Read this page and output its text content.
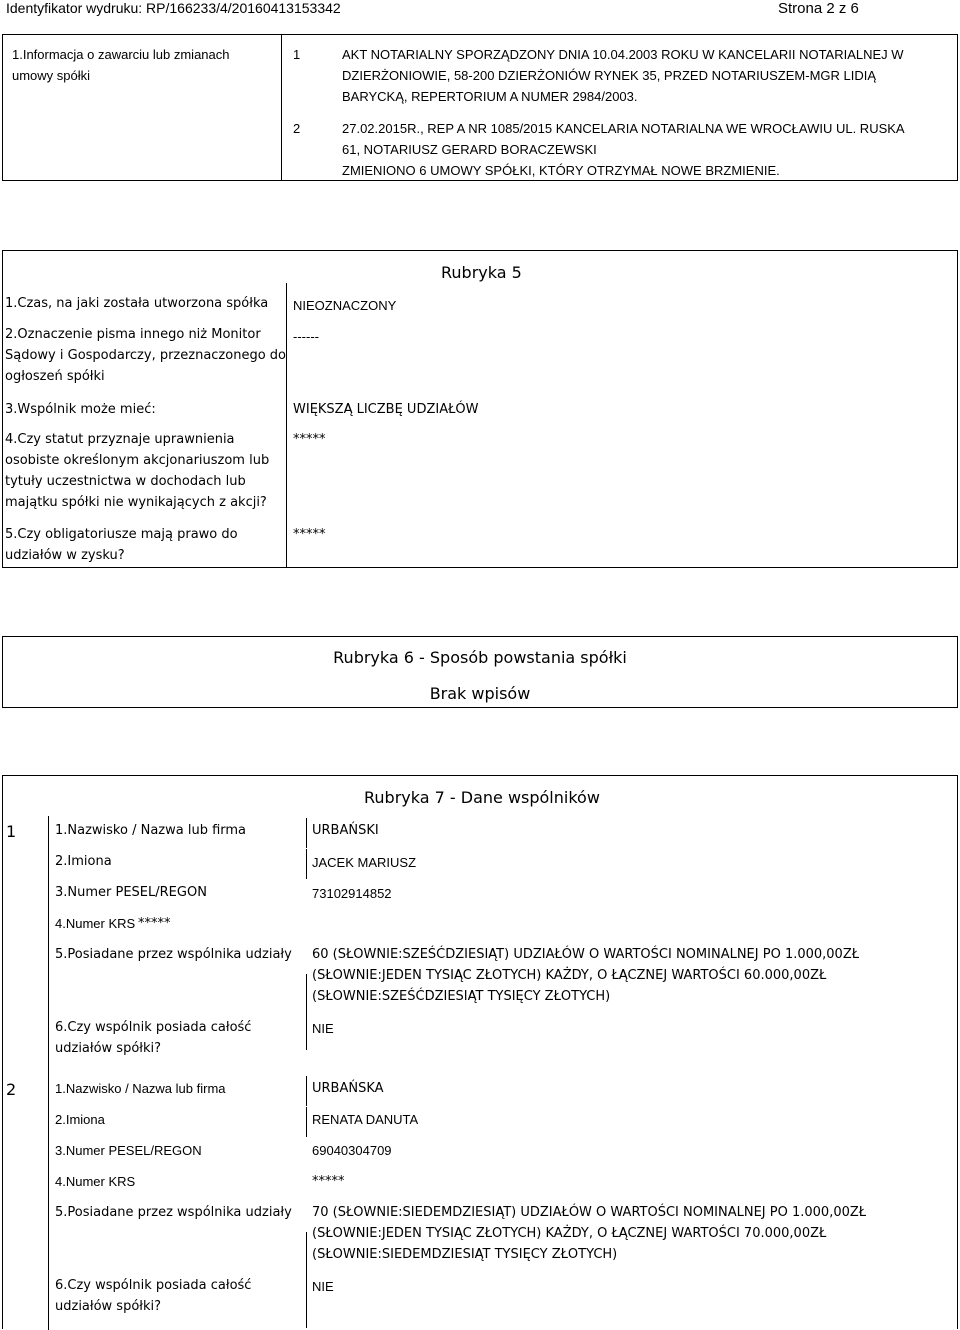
Identyfikator wydruku: RP/166233/4/20160413153342	Strona 2 z 6
1.Informacja o zawarciu lub zmianach
umowy spółki
1	AKT NOTARIALNY SPORZĄDZONY DNIA 10.04.2003 ROKU W KANCELARII NOTARIALNEJ W
DZIERŻONIOWIE, 58-200 DZIERŻONIÓW RYNEK 35, PRZED NOTARIUSZEM-MGR LIDIĄ
BARYCKĄ, REPERTORIUM A NUMER 2984/2003.
2	27.02.2015R., REP A NR 1085/2015 KANCELARIA NOTARIALNA WE WROCŁAWIU UL. RUSKA
61, NOTARIUSZ GERARD BORACZEWSKI
ZMIENIONO 6 UMOWY SPÓŁKI, KTÓRY OTRZYMAŁ NOWE BRZMIENIE.
Rubryka 5
1.Czas, na jaki została utworzona spółka NIEOZNACZONY
2.Oznaczenie pisma innego niż Monitor
Sądowy i Gospodarczy, przeznaczonego do
ogłoszeń spółki
------
3.Wspólnik może mieć:	WIĘKSZĄ LICZBĘ UDZIAŁÓW
4.Czy statut przyznaje uprawnienia
osobiste określonym akcjonariuszom lub
tytuły uczestnictwa w dochodach lub
majątku spółki nie wynikających z akcji?
*****
5.Czy obligatoriusze mają prawo do
udziałów w zysku?
*****
Rubryka 6 - Sposób powstania spółki
Brak wpisów
Rubryka 7 - Dane wspólników
1	1.Nazwisko / Nazwa lub firma	URBAŃSKI
2.Imiona	JACEK MARIUSZ
3.Numer PESEL/REGON	73102914852
4.Numer KRS *****
5.Posiadane przez wspólnika udziały 60 (SŁOWNIE:SZEŚĆDZIESIĄT) UDZIAŁÓW O WARTOŚCI NOMINALNEJ PO 1.000,00ZŁ
(SŁOWNIE:JEDEN TYSIĄC ZŁOTYCH) KAŻDY, O ŁĄCZNEJ WARTOŚCI 60.000,00ZŁ
(SŁOWNIE:SZEŚĆDZIESIĄT TYSIĘCY ZŁOTYCH)
6.Czy wspólnik posiada całość
udziałów spółki?
NIE
2	1.Nazwisko / Nazwa lub firma	URBAŃSKA
2.Imiona	RENATA DANUTA
3.Numer PESEL/REGON	69040304709
4.Numer KRS	*****
5.Posiadane przez wspólnika udziały 70 (SŁOWNIE:SIEDEMDZIESIĄT) UDZIAŁÓW O WARTOŚCI NOMINALNEJ PO 1.000,00ZŁ
(SŁOWNIE:JEDEN TYSIĄC ZŁOTYCH) KAŻDY, O ŁĄCZNEJ WARTOŚCI 70.000,00ZŁ
(SŁOWNIE:SIEDEMDZIESIĄT TYSIĘCY ZŁOTYCH)
6.Czy wspólnik posiada całość
udziałów spółki?
NIE
